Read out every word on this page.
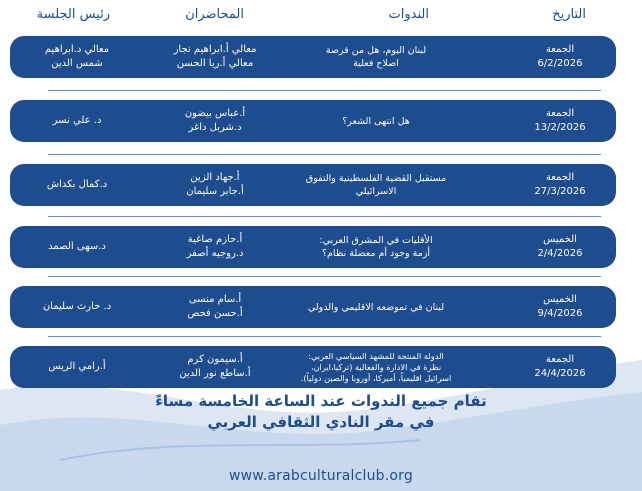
التاريخ
الندوات
المحاضران
رئيس الجلسة
الجمعة
6/2/2026
لبنان اليوم، هل من فرصة
اصلاح فعلية
معالي أ.ابراهيم نجار
معالي أ.ريا الحسن
معالي د.ابراهيم
شمس الدين
الجمعة
13/2/2026
هل انتهى الشعر؟
أ.عباس بيضون
د.شربل داغر
د. علي نسر
الجمعة
27/3/2026
مستقبل القضية الفلسطينية والتفوق
الاسرائيلي
أ.جهاد الزين
أ.جابر سليمان
د.كمال بكداش
الخميس
2/4/2026
الأقليات في المشرق العربي:
أزمة وجود أم معضلة نظام؟
أ.حازم صاغية
د.روجيه أصفر
د.سهى الصمد
الخميس
9/4/2026
لبنان في تموضعه الاقليمي والدولي
أ.سام منسى
أ.حسن فحص
د. حارث سليمان
الجمعة
24/4/2026
الدولة المنتجة للمشهد السياسي العربي:
نظرة في الادارة والفعالية (تركيا،ايران،
اسرائيل اقليمياً، أميركا، أوروبا والصين دولياً).
أ.سيمون كرم
أ.ساطع نور الدين
أ.رامي الريس
تقام جميع الندوات عند الساعة الخامسة مساءً
في مقر النادي الثقافي العربي
www.arabculturalclub.org
